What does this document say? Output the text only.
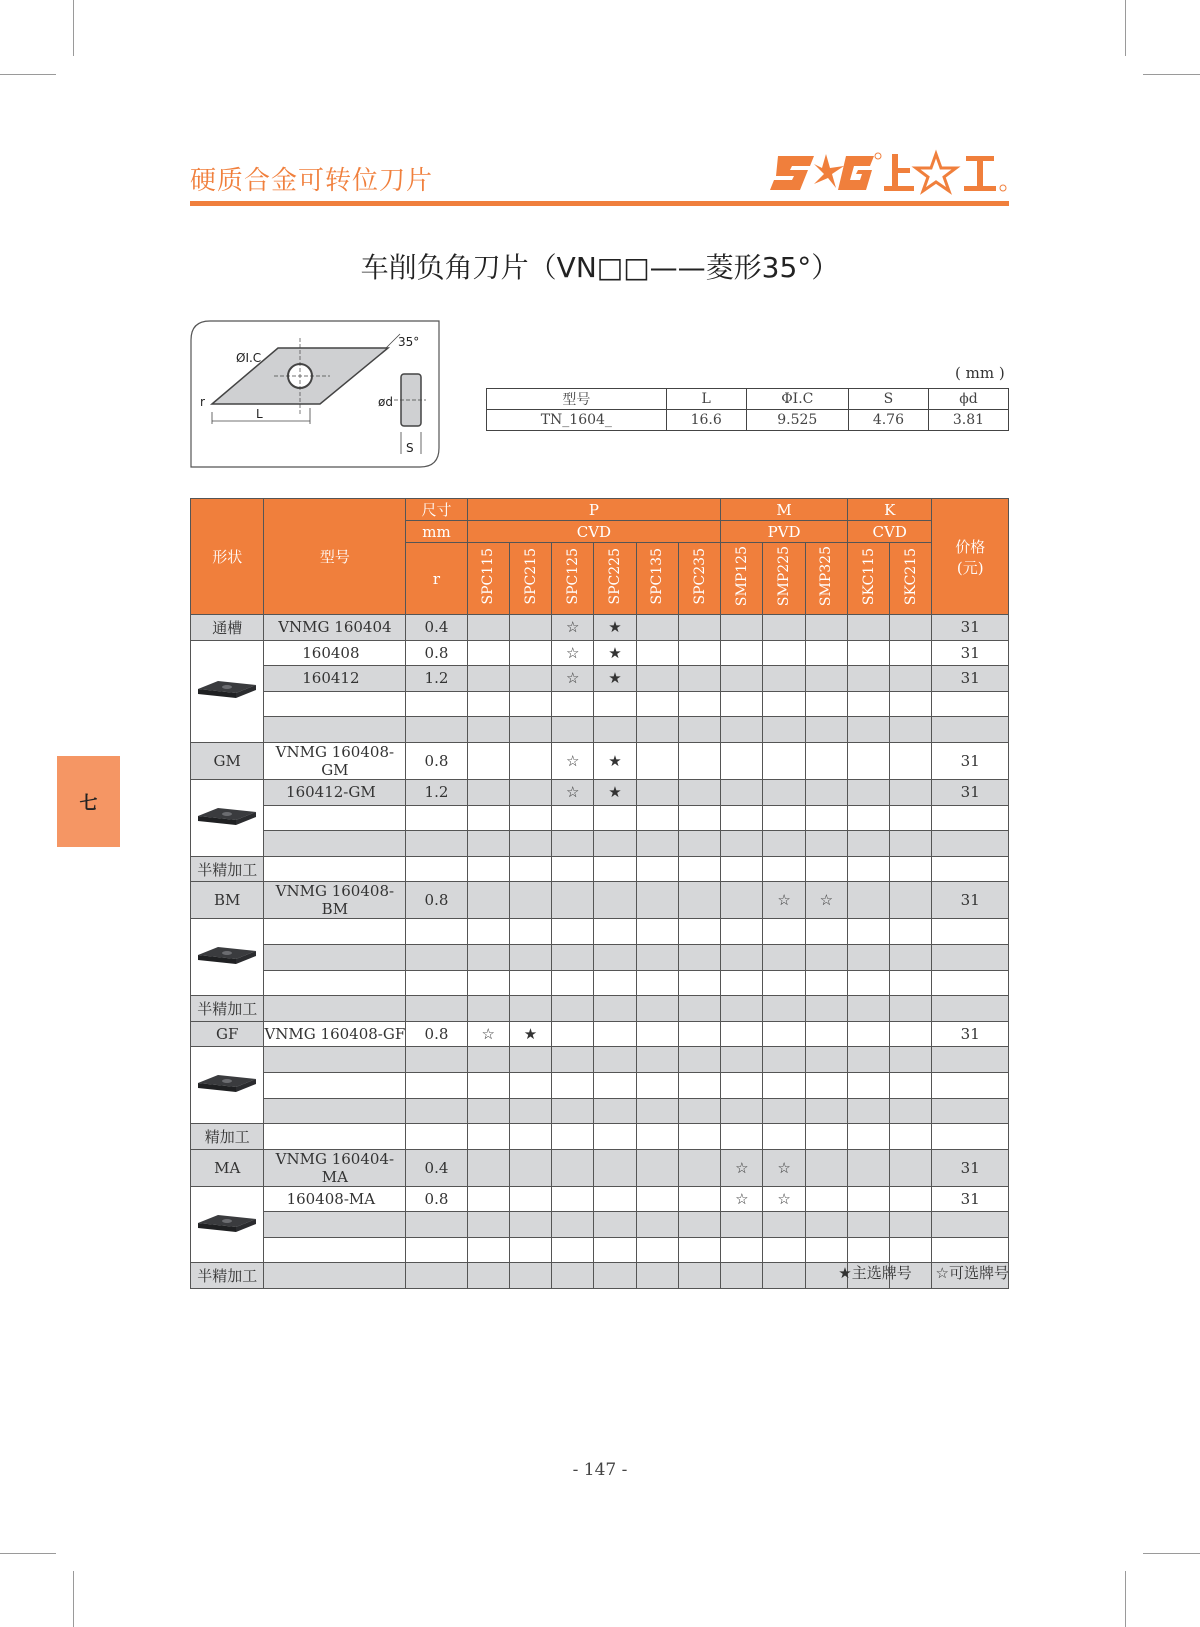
硬质合金可转位刀片
车削负角刀片（VN□□——菱形35°）
ØI.C
35°
r
L
ød
S
( mm )
型号	L	ΦI.C	S	ϕd
TN_1604_	16.6	9.525	4.76	3.81
形状	型号	尺寸	P						M			K		价格
(元)

		mm	CVD						PVD			CVD		
		r	SPC115	SPC215	SPC125	SPC225	SPC135	SPC235	SMP125	SMP225	SMP325	SKC115	SKC215	
通槽	VNMG 160404	0.4			☆	★								31
	160408	0.8			☆	★								31
	160412	1.2			☆	★								31

GM	VNMG 160408-GM	0.8			☆	★								31
	160412-GM	1.2			☆	★								31

半精加工														
BM	VNMG 160408-BM	0.8								☆	☆			31

半精加工														
GF	VNMG 160408-GF	0.8	☆	★										31

精加工														
MA	VNMG 160404-MA	0.4							☆	☆				31
	160408-MA	0.8							☆	☆				31

半精加工															★主选牌号 ☆可选牌号
七
- 147 -
